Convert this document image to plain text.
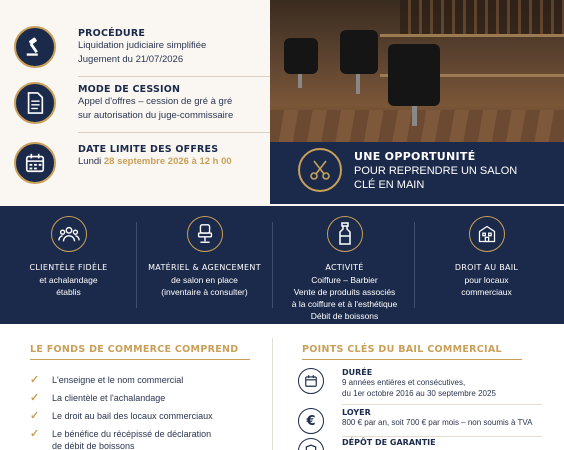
PROCÉDURE
Liquidation judiciaire simplifiée
Jugement du 21/07/2026
MODE DE CESSION
Appel d'offres – cession de gré à gré
sur autorisation du juge-commissaire
DATE LIMITE DES OFFRES
Lundi 28 septembre 2026 à 12 h 00	UNE OPPORTUNITÉ
POUR REPRENDRE UN SALON
CLÉ EN MAIN
CLIENTÈLE FIDÈLE
et achalandage
établis
MATÉRIEL & AGENCEMENT
de salon en place
(inventaire à consulter)
ACTIVITÉ
Coiffure – Barbier
Vente de produits associés
à la coiffure et à l'esthétique
Débit de boissons
DROIT AU BAIL
pour locaux
commerciaux
LE FONDS DE COMMERCE COMPREND
✓ L'enseigne et le nom commercial
✓ La clientèle et l'achalandage
✓ Le droit au bail des locaux commerciaux
✓ Le bénéfice du récépissé de déclaration
de débit de boissons
POINTS CLÉS DU BAIL COMMERCIAL
DURÉE
9 années entières et consécutives,
du 1er octobre 2016 au 30 septembre 2025
€
LOYER
800 € par an, soit 700 € par mois – non soumis à TVA
DÉPÔT DE GARANTIE
